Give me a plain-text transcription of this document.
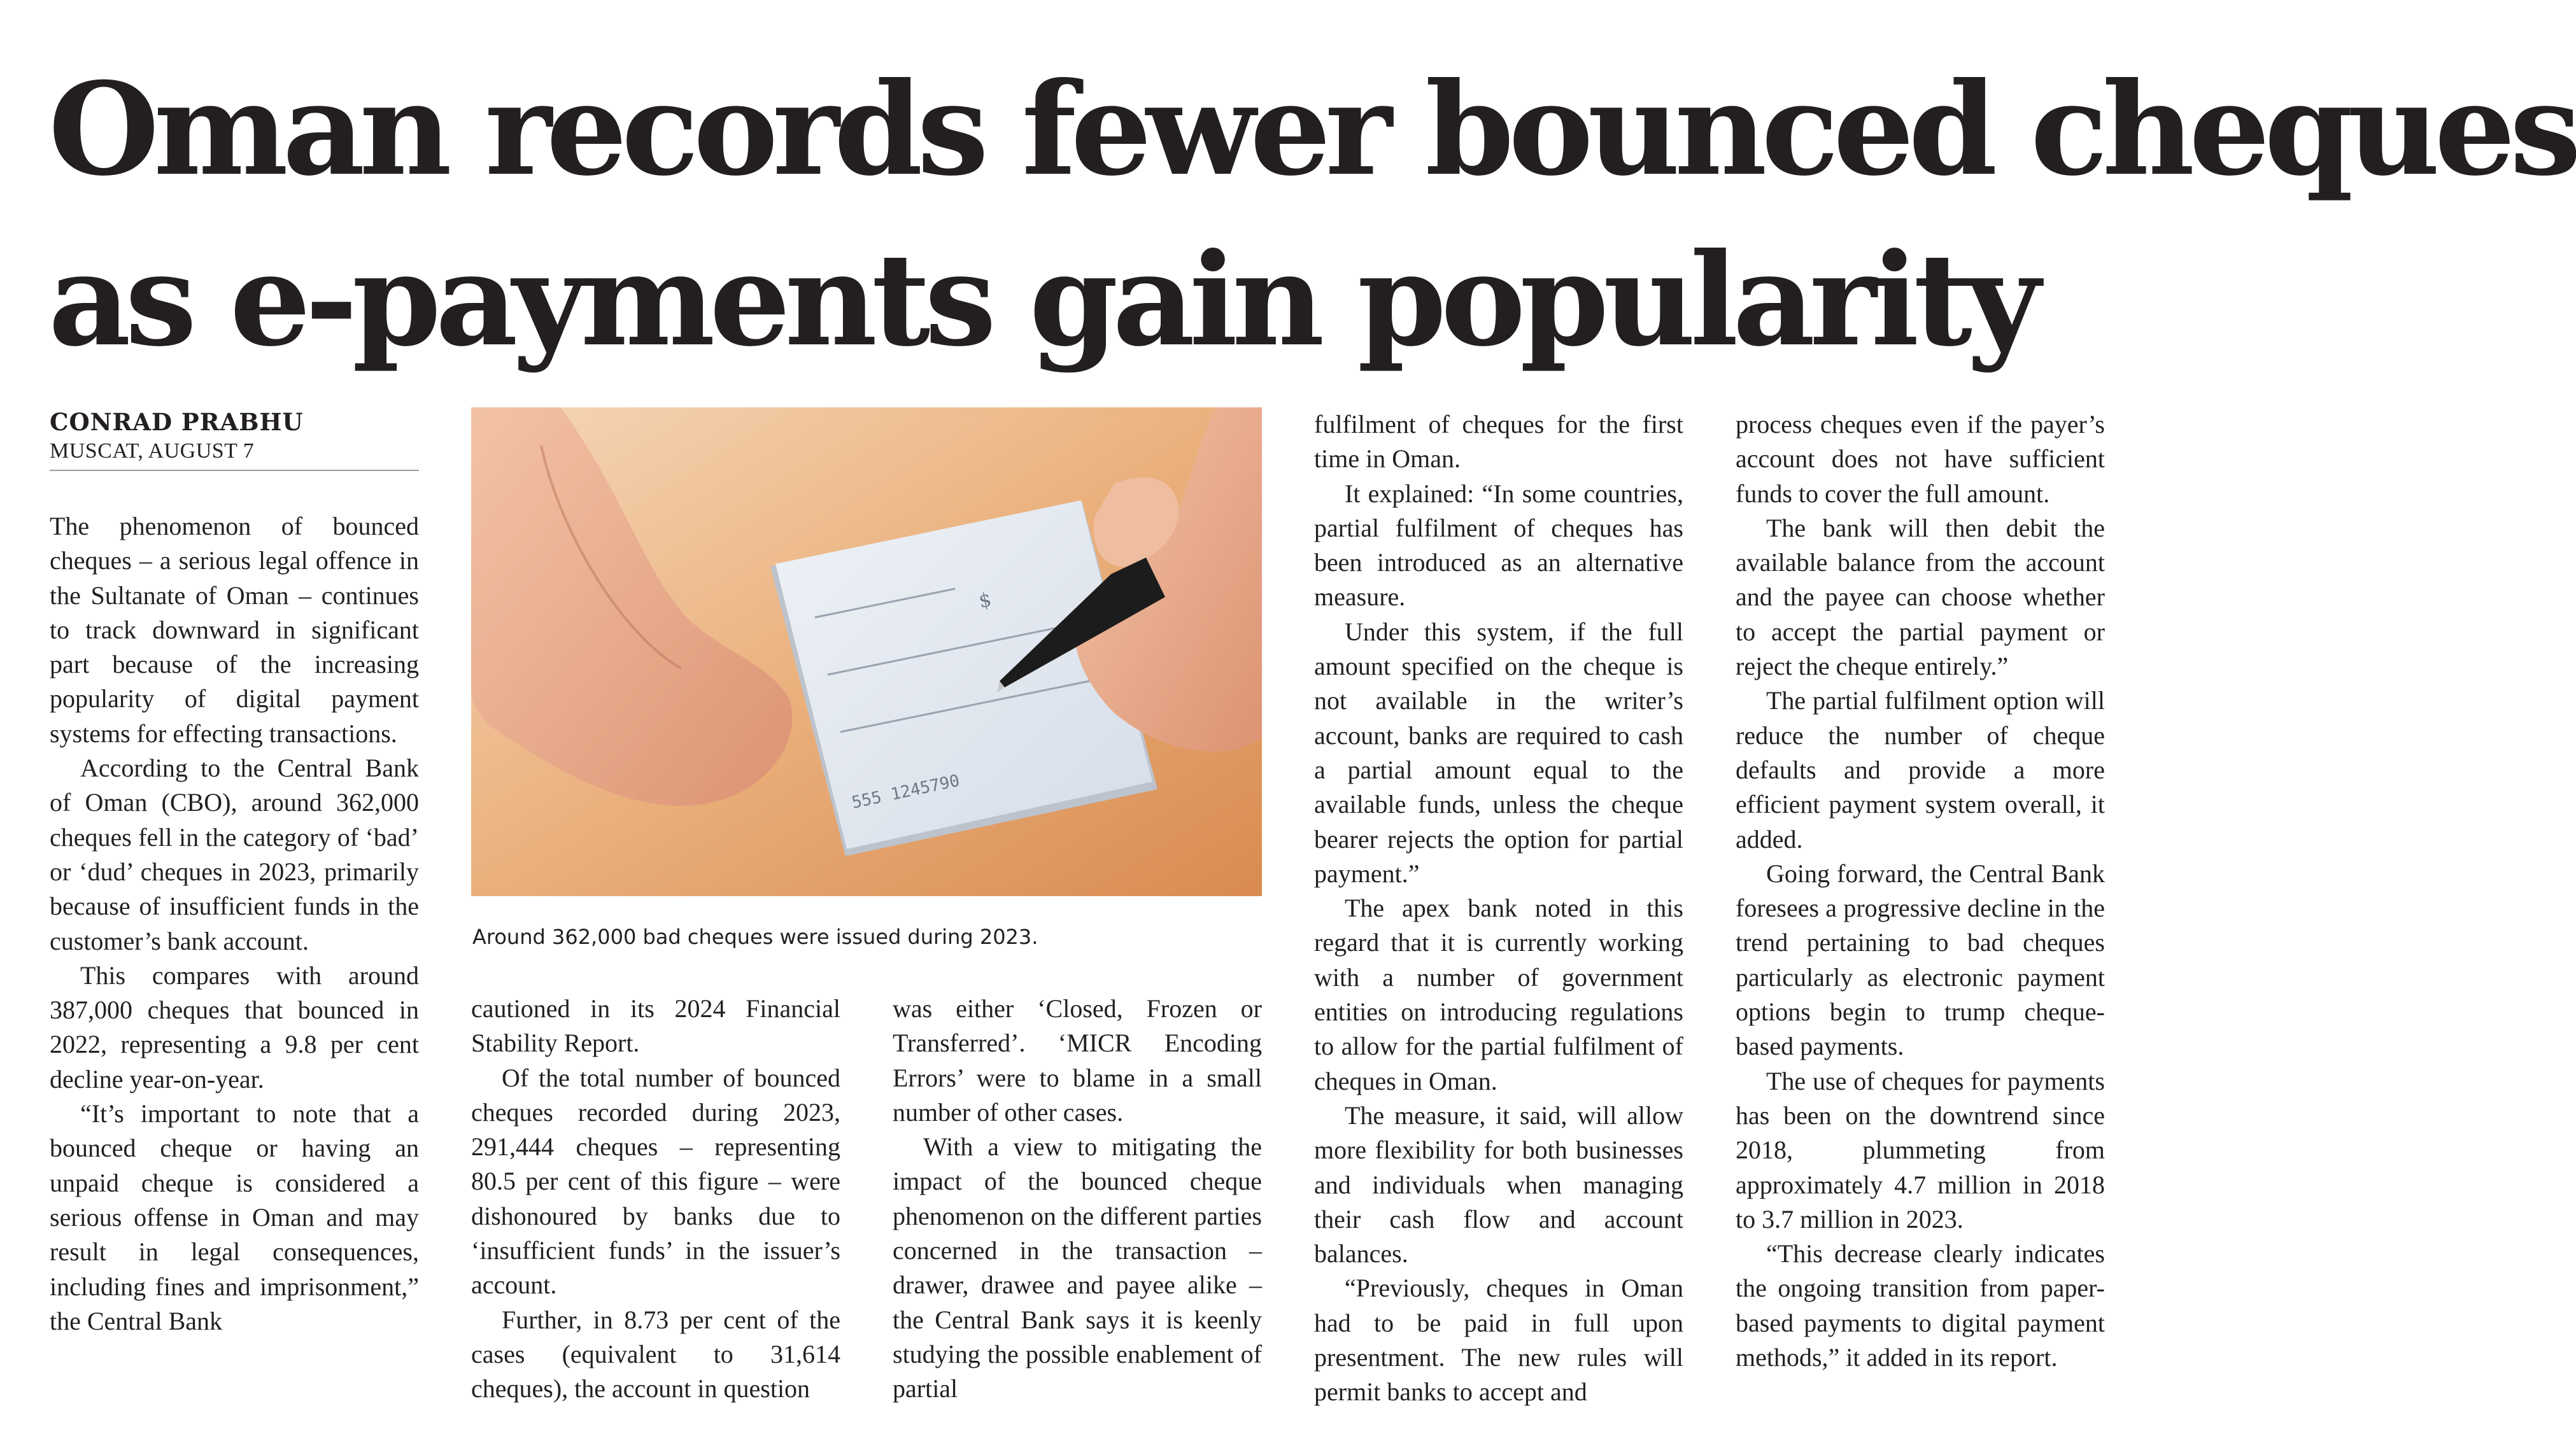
Oman records fewer bounced cheques
as e-payments gain popularity
CONRAD PRABHU
MUSCAT, AUGUST 7

The phenomenon of bounced cheques – a serious legal offence in the Sultanate of Oman – continues to track downward in significant part because of the increasing popularity of digital payment systems for effecting transactions.

According to the Central Bank of Oman (CBO), around 362,000 cheques fell in the category of ‘bad’ or ‘dud’ cheques in 2023, primarily because of insufficient funds in the customer’s bank account.

This compares with around 387,000 cheques that bounced in 2022, representing a 9.8 per cent decline year-on-year.

“It’s important to note that a bounced cheque or having an unpaid cheque is considered a serious offense in Oman and may result in legal consequences, including fines and imprisonment,” the Central Bank

$
555 1245790
Around 362,000 bad cheques were issued during 2023.

cautioned in its 2024 Financial Stability Report.

Of the total number of bounced cheques recorded during 2023, 291,444 cheques – representing 80.5 per cent of this figure – were dishonoured by banks due to ‘insufficient funds’ in the issuer’s account.

Further, in 8.73 per cent of the cases (equivalent to 31,614 cheques), the account in question

was either ‘Closed, Frozen or Transferred’. ‘MICR Encoding Errors’ were to blame in a small number of other cases.

With a view to mitigating the impact of the bounced cheque phenomenon on the different parties concerned in the transaction – drawer, drawee and payee alike – the Central Bank says it is keenly studying the possible enablement of partial

fulfilment of cheques for the first time in Oman.

It explained: “In some countries, partial fulfilment of cheques has been introduced as an alternative measure.

Under this system, if the full amount specified on the cheque is not available in the writer’s account, banks are required to cash a partial amount equal to the available funds, unless the cheque bearer rejects the option for partial payment.”

The apex bank noted in this regard that it is currently working with a number of government entities on introducing regulations to allow for the partial fulfilment of cheques in Oman.

The measure, it said, will allow more flexibility for both businesses and individuals when managing their cash flow and account balances.

“Previously, cheques in Oman had to be paid in full upon presentment. The new rules will permit banks to accept and

process cheques even if the payer’s account does not have sufficient funds to cover the full amount.

The bank will then debit the available balance from the account and the payee can choose whether to accept the partial payment or reject the cheque entirely.”

The partial fulfilment option will reduce the number of cheque defaults and provide a more efficient payment system overall, it added.

Going forward, the Central Bank foresees a progressive decline in the trend pertaining to bad cheques particularly as electronic payment options begin to trump cheque-based payments.

The use of cheques for payments has been on the downtrend since 2018, plummeting from approximately 4.7 million in 2018 to 3.7 million in 2023.

“This decrease clearly indicates the ongoing transition from paper-based payments to digital payment methods,” it added in its report.
